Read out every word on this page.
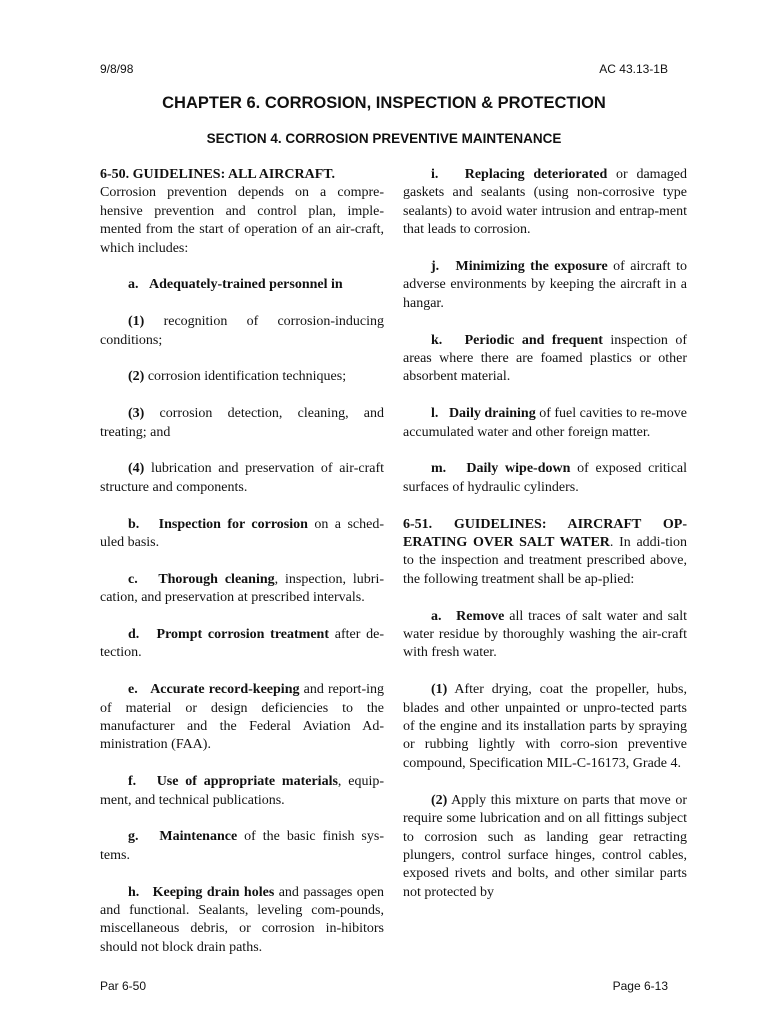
9/8/98	AC 43.13-1B
CHAPTER 6. CORROSION, INSPECTION & PROTECTION
SECTION 4. CORROSION PREVENTIVE MAINTENANCE

6-50. GUIDELINES: ALL AIRCRAFT.
Corrosion prevention depends on a compre-hensive prevention and control plan, imple-mented from the start of operation of an air-craft, which includes:

a. Adequately-trained personnel in

(1) recognition of corrosion-inducing conditions;

(2) corrosion identification techniques;

(3) corrosion detection, cleaning, and treating; and

(4) lubrication and preservation of air-craft structure and components.

b. Inspection for corrosion on a sched-uled basis.

c. Thorough cleaning, inspection, lubri-cation, and preservation at prescribed intervals.

d. Prompt corrosion treatment after de-tection.

e. Accurate record-keeping and report-ing of material or design deficiencies to the manufacturer and the Federal Aviation Ad-ministration (FAA).

f. Use of appropriate materials, equip-ment, and technical publications.

g. Maintenance of the basic finish sys-tems.

h. Keeping drain holes and passages open and functional. Sealants, leveling com-pounds, miscellaneous debris, or corrosion in-hibitors should not block drain paths.

i. Replacing deteriorated or damaged gaskets and sealants (using non-corrosive type sealants) to avoid water intrusion and entrap-ment that leads to corrosion.

j. Minimizing the exposure of aircraft to adverse environments by keeping the aircraft in a hangar.

k. Periodic and frequent inspection of areas where there are foamed plastics or other absorbent material.

l. Daily draining of fuel cavities to re-move accumulated water and other foreign matter.

m. Daily wipe-down of exposed critical surfaces of hydraulic cylinders.

6-51. GUIDELINES: AIRCRAFT OP-ERATING OVER SALT WATER. In addi-tion to the inspection and treatment prescribed above, the following treatment shall be ap-plied:

a. Remove all traces of salt water and salt water residue by thoroughly washing the air-craft with fresh water.

(1) After drying, coat the propeller, hubs, blades and other unpainted or unpro-tected parts of the engine and its installation parts by spraying or rubbing lightly with corro-sion preventive compound, Specification MIL-C-16173, Grade 4.

(2) Apply this mixture on parts that move or require some lubrication and on all fittings subject to corrosion such as landing gear retracting plungers, control surface hinges, control cables, exposed rivets and bolts, and other similar parts not protected by

Par 6-50	Page 6-13
